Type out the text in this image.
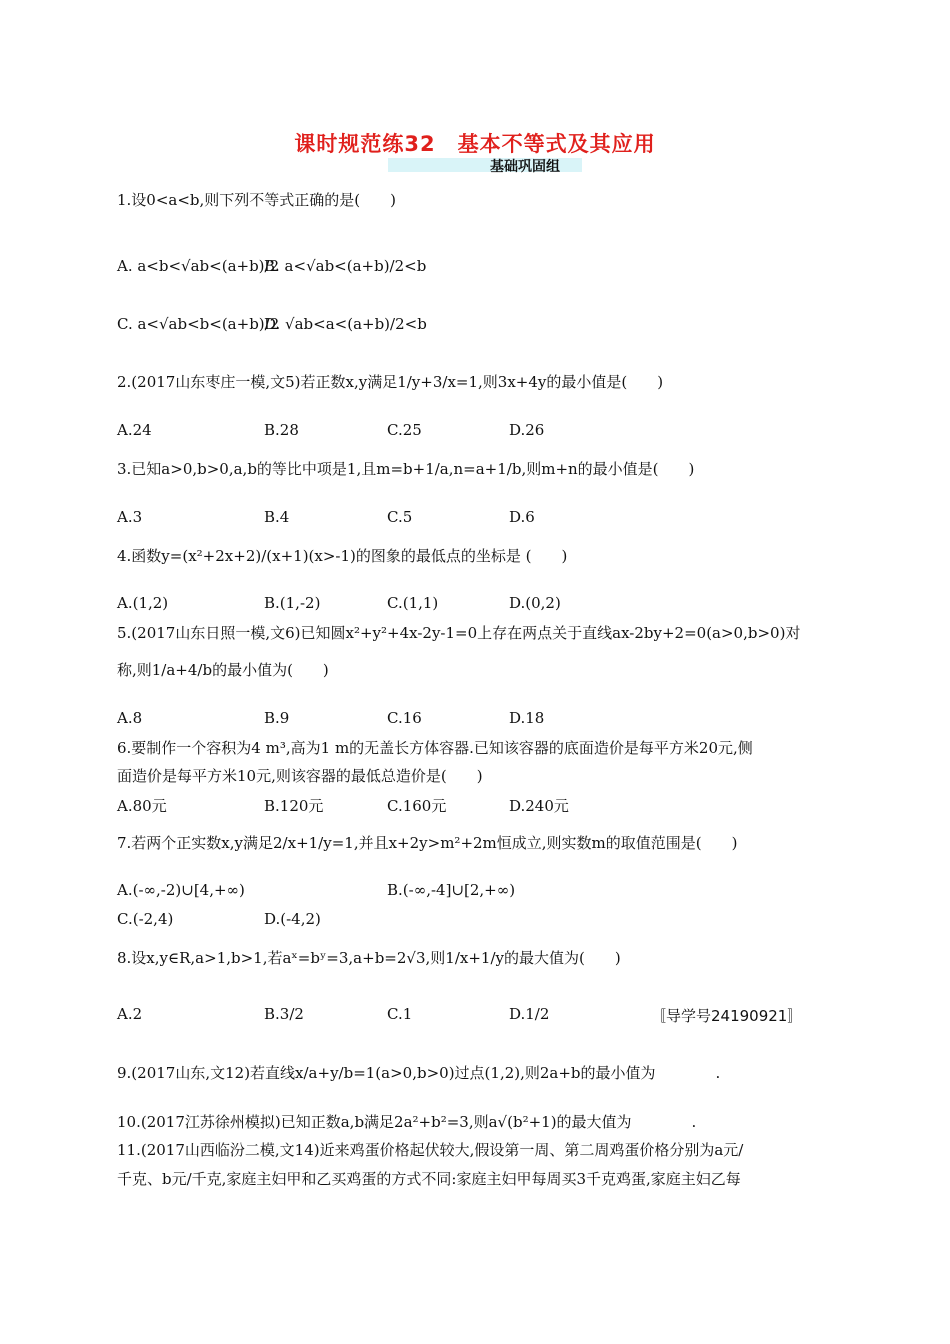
课时规范练32　基本不等式及其应用
基础巩固组
1.设0<a<b,则下列不等式正确的是(　　)
A. a<b<√ab<(a+b)/2
B. a<√ab<(a+b)/2<b
C. a<√ab<b<(a+b)/2
D. √ab<a<(a+b)/2<b
2.(2017山东枣庄一模,文5)若正数x,y满足1/y+3/x=1,则3x+4y的最小值是(　　)
A.24	B.28	C.25	D.26
3.已知a>0,b>0,a,b的等比中项是1,且m=b+1/a,n=a+1/b,则m+n的最小值是(　　)
A.3	B.4	C.5	D.6
4.函数y=(x²+2x+2)/(x+1)(x>-1)的图象的最低点的坐标是 (　　)
A.(1,2)	B.(1,-2)	C.(1,1)	D.(0,2)
5.(2017山东日照一模,文6)已知圆x²+y²+4x-2y-1=0上存在两点关于直线ax-2by+2=0(a>0,b>0)对
称,则1/a+4/b的最小值为(　　)
A.8	B.9	C.16	D.18
6.要制作一个容积为4 m³,高为1 m的无盖长方体容器.已知该容器的底面造价是每平方米20元,侧
面造价是每平方米10元,则该容器的最低总造价是(　　)
A.80元	B.120元	C.160元	D.240元
7.若两个正实数x,y满足2/x+1/y=1,并且x+2y>m²+2m恒成立,则实数m的取值范围是(　　)
A.(-∞,-2)∪[4,+∞)	B.(-∞,-4]∪[2,+∞)
C.(-2,4)	D.(-4,2)
8.设x,y∈R,a>1,b>1,若aˣ=bʸ=3,a+b=2√3,则1/x+1/y的最大值为(　　)
A.2	B.3/2	C.1	D.1/2	〚导学号24190921〛
9.(2017山东,文12)若直线x/a+y/b=1(a>0,b>0)过点(1,2),则2a+b的最小值为　　　　.
10.(2017江苏徐州模拟)已知正数a,b满足2a²+b²=3,则a√(b²+1)的最大值为　　　　.
11.(2017山西临汾二模,文14)近来鸡蛋价格起伏较大,假设第一周、第二周鸡蛋价格分别为a元/
千克、b元/千克,家庭主妇甲和乙买鸡蛋的方式不同:家庭主妇甲每周买3千克鸡蛋,家庭主妇乙每
